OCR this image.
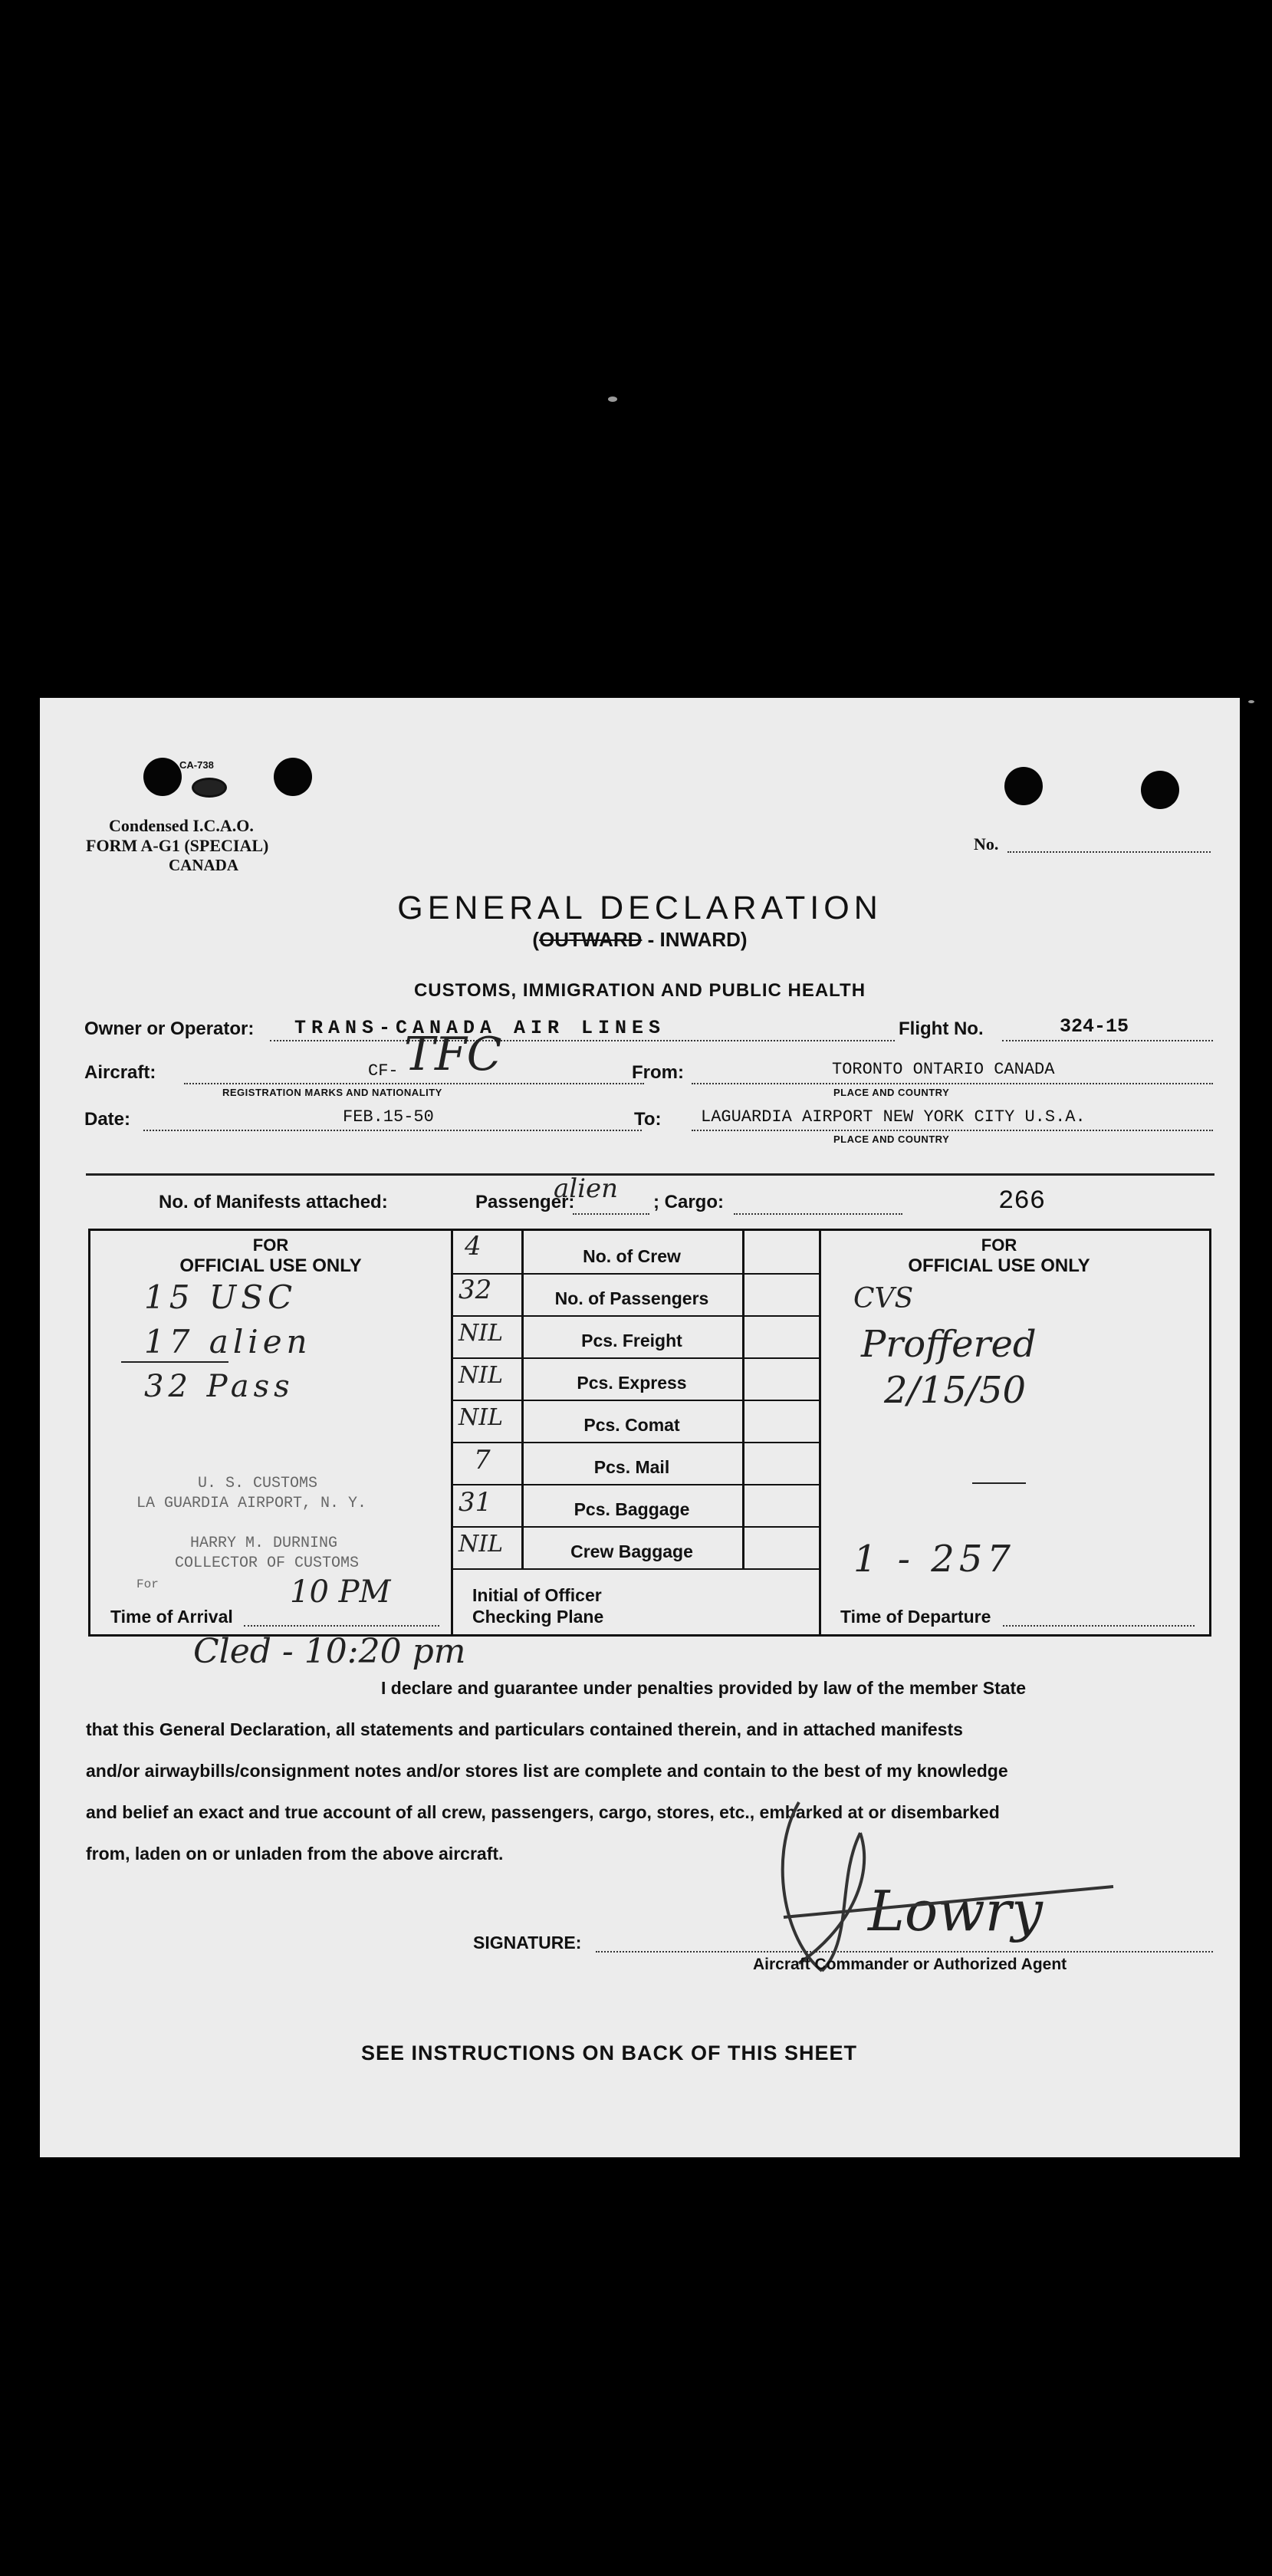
CA-738
Condensed I.C.A.O.
FORM A-G1 (SPECIAL)
CANADA
No.
GENERAL DECLARATION
(OUTWARD - INWARD)
CUSTOMS, IMMIGRATION AND PUBLIC HEALTH
Owner or Operator: TRANS-CANADA AIR LINES	Flight No.	324-15
Aircraft:	CF- TFC
REGISTRATION MARKS AND NATIONALITY
From:	TORONTO ONTARIO CANADA
PLACE AND COUNTRY
Date:	FEB.15-50	To: LAGUARDIA AIRPORT NEW YORK CITY U.S.A.
PLACE AND COUNTRY
No. of Manifests attached:	Passenger:
alien ; Cargo:	266
FOR
OFFICIAL USE ONLY
15 USC
17 alien
32 Pass
U. S. CUSTOMS
LA GUARDIA AIRPORT, N. Y.
HARRY M. DURNING
COLLECTOR OF CUSTOMS
For	10 PM
Time of Arrival
4	No. of Crew
32	No. of Passengers
NIL	Pcs. Freight
NIL	Pcs. Express
NIL	Pcs. Comat
7	Pcs. Mail
31	Pcs. Baggage
NIL	Crew Baggage
Initial of Officer
Checking Plane
FOR
OFFICIAL USE ONLY
CVS
Proffered
2/15/50
1 - 257
Time of Departure
Cled - 10:20 pm
I declare and guarantee under penalties provided by law of the member State
that this General Declaration, all statements and particulars contained therein, and in attached manifests
and/or airwaybills/consignment notes and/or stores list are complete and contain to the best of my knowledge
and belief an exact and true account of all crew, passengers, cargo, stores, etc., embarked at or disembarked
from, laden on or unladen from the above aircraft.
SIGNATURE:	Lowry
Aircraft Commander or Authorized Agent
SEE INSTRUCTIONS ON BACK OF THIS SHEET
